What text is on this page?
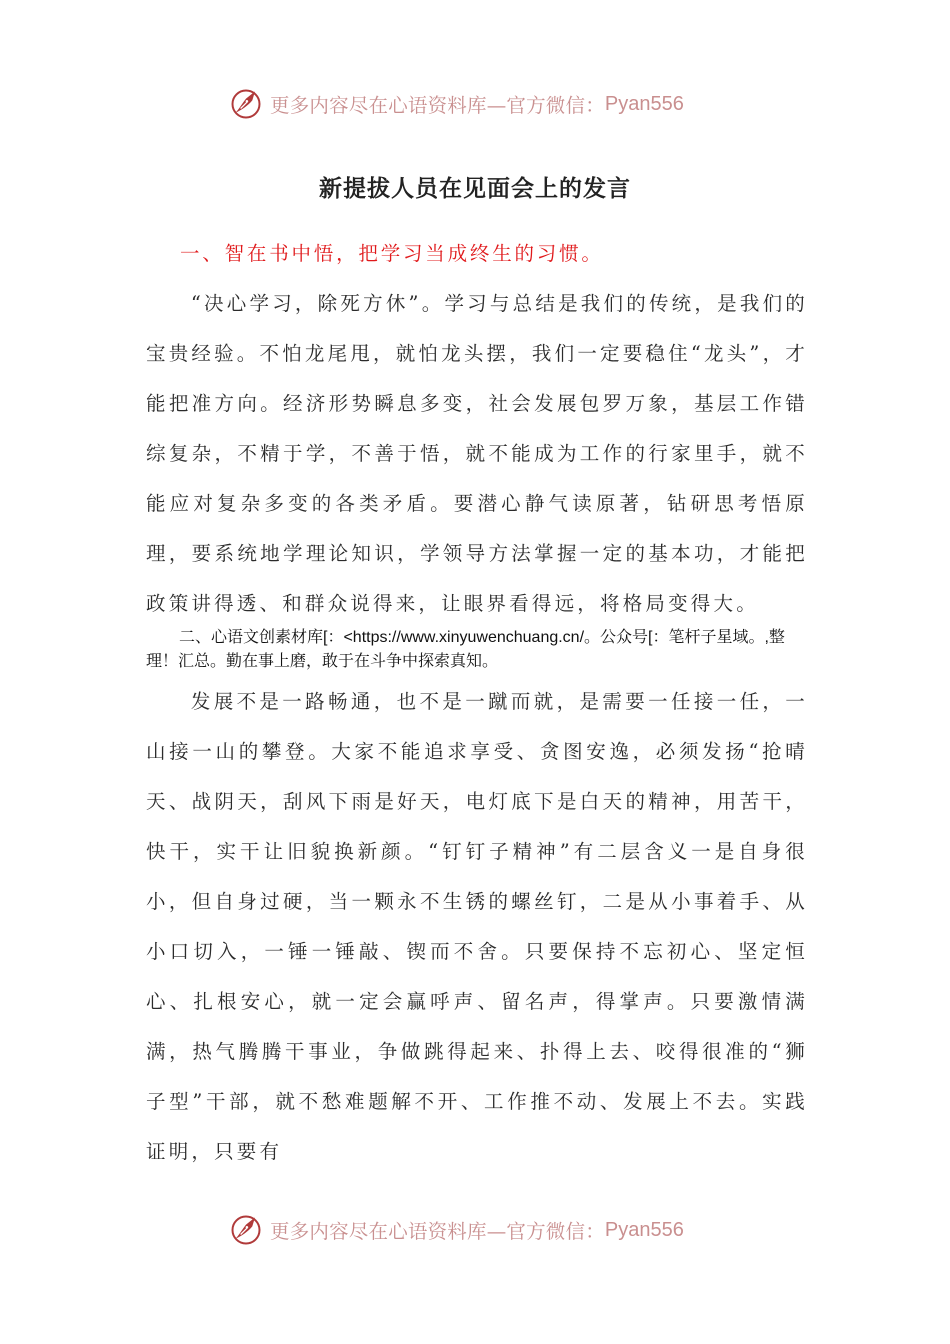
更多内容尽在心语资料库—官方微信： Pyan556
新提拔人员在见面会上的发言
一、智在书中悟，把学习当成终生的习惯。

“决心学习，除死方休”。学习与总结是我们的传统，是我们的宝贵经验。不怕龙尾甩，就怕龙头摆，我们一定要稳住“龙头”，才能把准方向。经济形势瞬息多变，社会发展包罗万象，基层工作错综复杂，不精于学，不善于悟，就不能成为工作的行家里手，就不能应对复杂多变的各类矛盾。要潜心静气读原著，钻研思考悟原理，要系统地学理论知识，学领导方法掌握一定的基本功，才能把政策讲得透、和群众说得来，让眼界看得远，将格局变得大。

二、心语文创素材库[：<https://www.xinyuwenchuang.cn/。公众号[：笔杆子星域。,整理！汇总。勤在事上磨，敢于在斗争中探索真知。

发展不是一路畅通，也不是一蹴而就，是需要一任接一任，一山接一山的攀登。大家不能追求享受、贪图安逸，必须发扬“抢晴天、战阴天，刮风下雨是好天，电灯底下是白天的精神，用苦干，快干，实干让旧貌换新颜。“钉钉子精神”有二层含义一是自身很小，但自身过硬，当一颗永不生锈的螺丝钉，二是从小事着手、从小口切入，一锤一锤敲、锲而不舍。只要保持不忘初心、坚定恒心、扎根安心，就一定会赢呼声、留名声，得掌声。只要激情满满，热气腾腾干事业，争做跳得起来、扑得上去、咬得很准的“狮子型”干部，就不愁难题解不开、工作推不动、发展上不去。实践证明，只要有

更多内容尽在心语资料库—官方微信： Pyan556
